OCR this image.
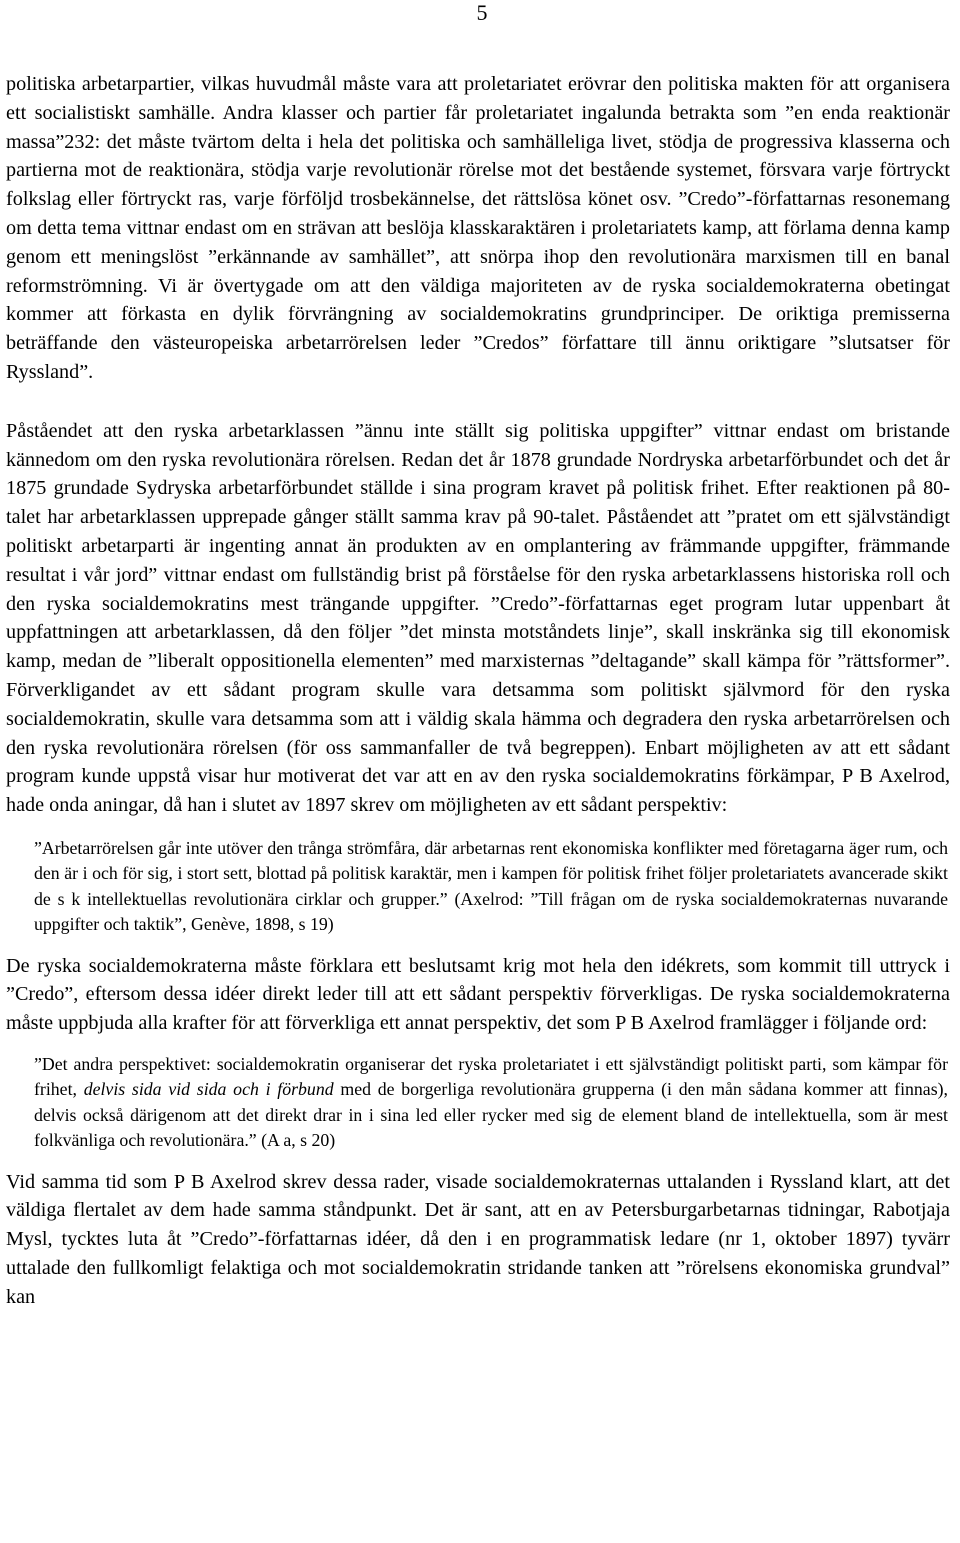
5

politiska arbetarpartier, vilkas huvudmål måste vara att proletariatet erövrar den politiska makten för att organisera ett socialistiskt samhälle. Andra klasser och partier får proletariatet ingalunda betrakta som ”en enda reaktionär massa”232: det måste tvärtom delta i hela det politiska och samhälleliga livet, stödja de progressiva klasserna och partierna mot de reaktionära, stödja varje revolutionär rörelse mot det bestående systemet, försvara varje förtryckt folkslag eller förtryckt ras, varje förföljd trosbekännelse, det rättslösa könet osv. ”Credo”-författarnas resonemang om detta tema vittnar endast om en strävan att beslöja klasskaraktären i proletariatets kamp, att förlama denna kamp genom ett meningslöst ”erkännande av samhället”, att snörpa ihop den revolutionära marxismen till en banal reformströmning. Vi är övertygade om att den väldiga majoriteten av de ryska socialdemokraterna obetingat kommer att förkasta en dylik förvrängning av socialdemokratins grundprinciper. De oriktiga premisserna beträffande den västeuropeiska arbetarrörelsen leder ”Credos” författare till ännu oriktigare ”slutsatser för Ryssland”.

Påståendet att den ryska arbetarklassen ”ännu inte ställt sig politiska uppgifter” vittnar endast om bristande kännedom om den ryska revolutionära rörelsen. Redan det år 1878 grundade Nordryska arbetarförbundet och det år 1875 grundade Sydryska arbetarförbundet ställde i sina program kravet på politisk frihet. Efter reaktionen på 80-talet har arbetarklassen upprepade gånger ställt samma krav på 90-talet. Påståendet att ”pratet om ett självständigt politiskt arbetarparti är ingenting annat än produkten av en omplantering av främmande uppgifter, främmande resultat i vår jord” vittnar endast om fullständig brist på förståelse för den ryska arbetarklassens historiska roll och den ryska socialdemokratins mest trängande uppgifter. ”Credo”-författarnas eget program lutar uppenbart åt uppfattningen att arbetarklassen, då den följer ”det minsta motståndets linje”, skall inskränka sig till ekonomisk kamp, medan de ”liberalt oppositionella elementen” med marxisternas ”deltagande” skall kämpa för ”rättsformer”. Förverkligandet av ett sådant program skulle vara detsamma som politiskt självmord för den ryska socialdemokratin, skulle vara detsamma som att i väldig skala hämma och degradera den ryska arbetarrörelsen och den ryska revolutionära rörelsen (för oss sammanfaller de två begreppen). Enbart möjligheten av att ett sådant program kunde uppstå visar hur motiverat det var att en av den ryska socialdemokratins förkämpar, P B Axelrod, hade onda aningar, då han i slutet av 1897 skrev om möjligheten av ett sådant perspektiv:

”Arbetarrörelsen går inte utöver den trånga strömfåra, där arbetarnas rent ekonomiska konflikter med företagarna äger rum, och den är i och för sig, i stort sett, blottad på politisk karaktär, men i kampen för politisk frihet följer proletariatets avancerade skikt de s k intellektuellas revolutionära cirklar och grupper.” (Axelrod: ”Till frågan om de ryska socialdemokraternas nuvarande uppgifter och taktik”, Genève, 1898, s 19)

De ryska socialdemokraterna måste förklara ett beslutsamt krig mot hela den idékrets, som kommit till uttryck i ”Credo”, eftersom dessa idéer direkt leder till att ett sådant perspektiv förverkligas. De ryska socialdemokraterna måste uppbjuda alla krafter för att förverkliga ett annat perspektiv, det som P B Axelrod framlägger i följande ord:

”Det andra perspektivet: socialdemokratin organiserar det ryska proletariatet i ett självständigt politiskt parti, som kämpar för frihet, delvis sida vid sida och i förbund med de borgerliga revolutionära grupperna (i den mån sådana kommer att finnas), delvis också därigenom att det direkt drar in i sina led eller rycker med sig de element bland de intellektuella, som är mest folkvänliga och revolutionära.” (A a, s 20)

Vid samma tid som P B Axelrod skrev dessa rader, visade socialdemokraternas uttalanden i Ryssland klart, att det väldiga flertalet av dem hade samma ståndpunkt. Det är sant, att en av Petersburgarbetarnas tidningar, Rabotjaja Mysl, tycktes luta åt ”Credo”-författarnas idéer, då den i en programmatisk ledare (nr 1, oktober 1897) tyvärr uttalade den fullkomligt felaktiga och mot socialdemokratin stridande tanken att ”rörelsens ekonomiska grundval” kan
